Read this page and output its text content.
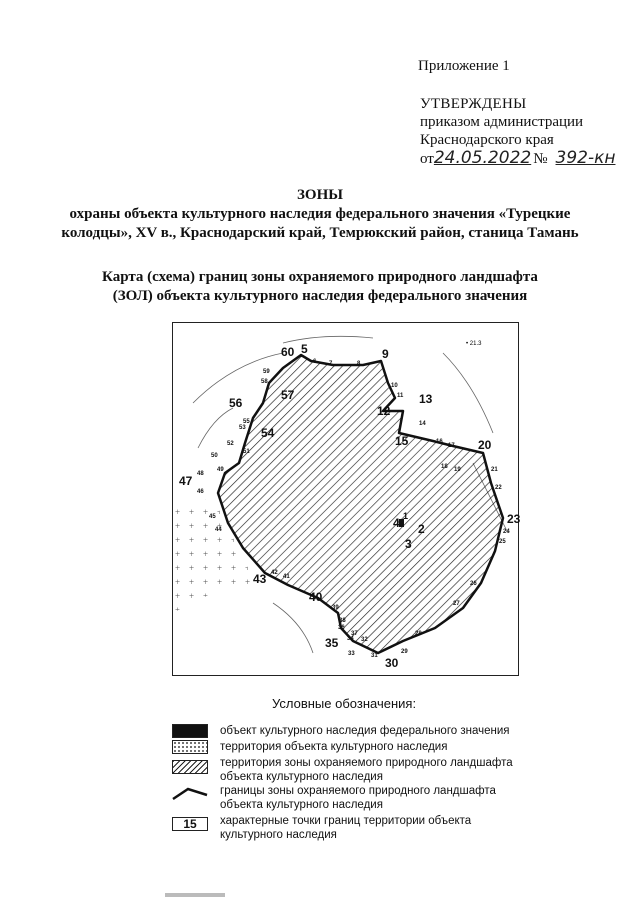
Приложение 1
УТВЕРЖДЕНЫ
приказом администрации
Краснодарского края
от 24.05.2022 № 392-кн
ЗОНЫ
охраны объекта культурного наследия федерального значения «Турецкие колодцы», XV в., Краснодарский край, Темрюкский район, станица Тамань
Карта (схема) границ зоны охраняемого природного ландшафта (ЗОЛ) объекта культурного наследия федерального значения
• 21.3
60 5
6 7	8
9
10
11
12
13
14
15	16
17 20
21
22
23
24
25
26
27
28
29
30
31
32
33
34
35
36
37
38
39
40
41
42
43
44
45
46
47 48
49
50
51
52
53 54
55
56
57
58
59
1
2
3
4
18 19
Условные обозначения:
объект культурного наследия федерального значения
территория объекта культурного наследия
территория зоны охраняемого природного ландшафта объекта культурного наследия
границы зоны охраняемого природного ландшафта объекта культурного наследия
15	характерные точки границ территории объекта культурного наследия
